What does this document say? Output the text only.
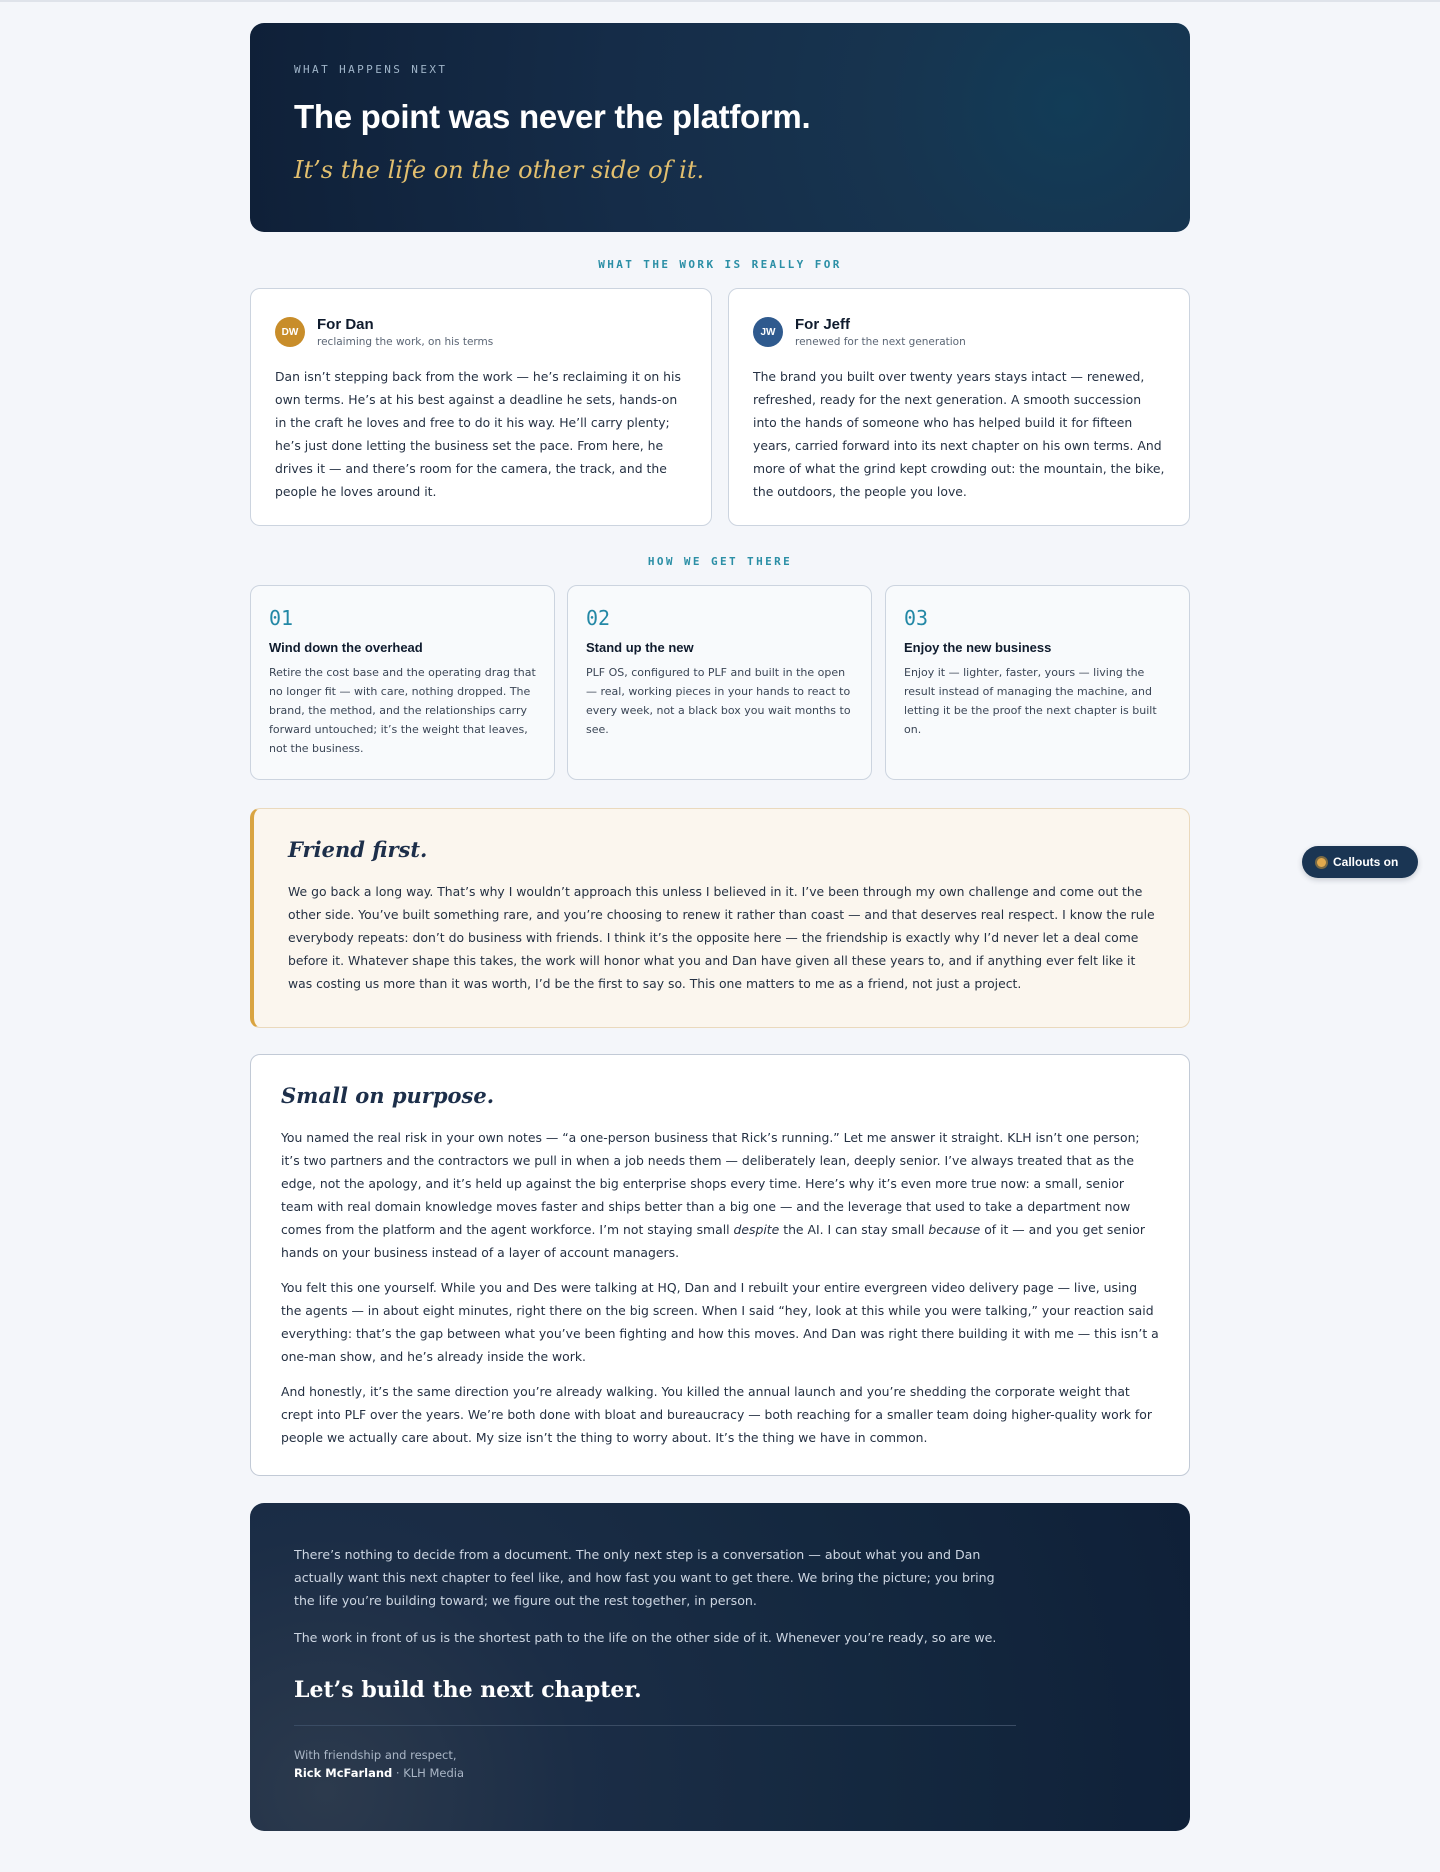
WHAT HAPPENS NEXT
The point was never the platform.
It’s the life on the other side of it.
WHAT THE WORK IS REALLY FOR
DW	For Dan
reclaiming the work, on his terms

Dan isn’t stepping back from the work — he’s reclaiming it on his own terms. He’s at his best against a deadline he sets, hands-on in the craft he loves and free to do it his way. He’ll carry plenty; he’s just done letting the business set the pace. From here, he drives it — and there’s room for the camera, the track, and the people he loves around it.

JW	For Jeff
renewed for the next generation

The brand you built over twenty years stays intact — renewed, refreshed, ready for the next generation. A smooth succession into the hands of someone who has helped build it for fifteen years, carried forward into its next chapter on his own terms. And more of what the grind kept crowding out: the mountain, the bike, the outdoors, the people you love.

HOW WE GET THERE
01
Wind down the overhead

Retire the cost base and the operating drag that no longer fit — with care, nothing dropped. The brand, the method, and the relationships carry forward untouched; it’s the weight that leaves, not the business.

02
Stand up the new

PLF OS, configured to PLF and built in the open — real, working pieces in your hands to react to every week, not a black box you wait months to see.

03
Enjoy the new business

Enjoy it — lighter, faster, yours — living the result instead of managing the machine, and letting it be the proof the next chapter is built on.

Friend first.

We go back a long way. That’s why I wouldn’t approach this unless I believed in it. I’ve been through my own challenge and come out the other side. You’ve built something rare, and you’re choosing to renew it rather than coast — and that deserves real respect. I know the rule everybody repeats: don’t do business with friends. I think it’s the opposite here — the friendship is exactly why I’d never let a deal come before it. Whatever shape this takes, the work will honor what you and Dan have given all these years to, and if anything ever felt like it was costing us more than it was worth, I’d be the first to say so. This one matters to me as a friend, not just a project.

Small on purpose.

You named the real risk in your own notes — “a one-person business that Rick’s running.” Let me answer it straight. KLH isn’t one person; it’s two partners and the contractors we pull in when a job needs them — deliberately lean, deeply senior. I’ve always treated that as the edge, not the apology, and it’s held up against the big enterprise shops every time. Here’s why it’s even more true now: a small, senior team with real domain knowledge moves faster and ships better than a big one — and the leverage that used to take a department now comes from the platform and the agent workforce. I’m not staying small despite the AI. I can stay small because of it — and you get senior hands on your business instead of a layer of account managers.

You felt this one yourself. While you and Des were talking at HQ, Dan and I rebuilt your entire evergreen video delivery page — live, using the agents — in about eight minutes, right there on the big screen. When I said “hey, look at this while you were talking,” your reaction said everything: that’s the gap between what you’ve been fighting and how this moves. And Dan was right there building it with me — this isn’t a one-man show, and he’s already inside the work.

And honestly, it’s the same direction you’re already walking. You killed the annual launch and you’re shedding the corporate weight that crept into PLF over the years. We’re both done with bloat and bureaucracy — both reaching for a smaller team doing higher-quality work for people we actually care about. My size isn’t the thing to worry about. It’s the thing we have in common.

There’s nothing to decide from a document. The only next step is a conversation — about what you and Dan actually want this next chapter to feel like, and how fast you want to get there. We bring the picture; you bring the life you’re building toward; we figure out the rest together, in person.

The work in front of us is the shortest path to the life on the other side of it. Whenever you’re ready, so are we.

Let’s build the next chapter.
With friendship and respect,
Rick McFarland · KLH Media
Callouts on
